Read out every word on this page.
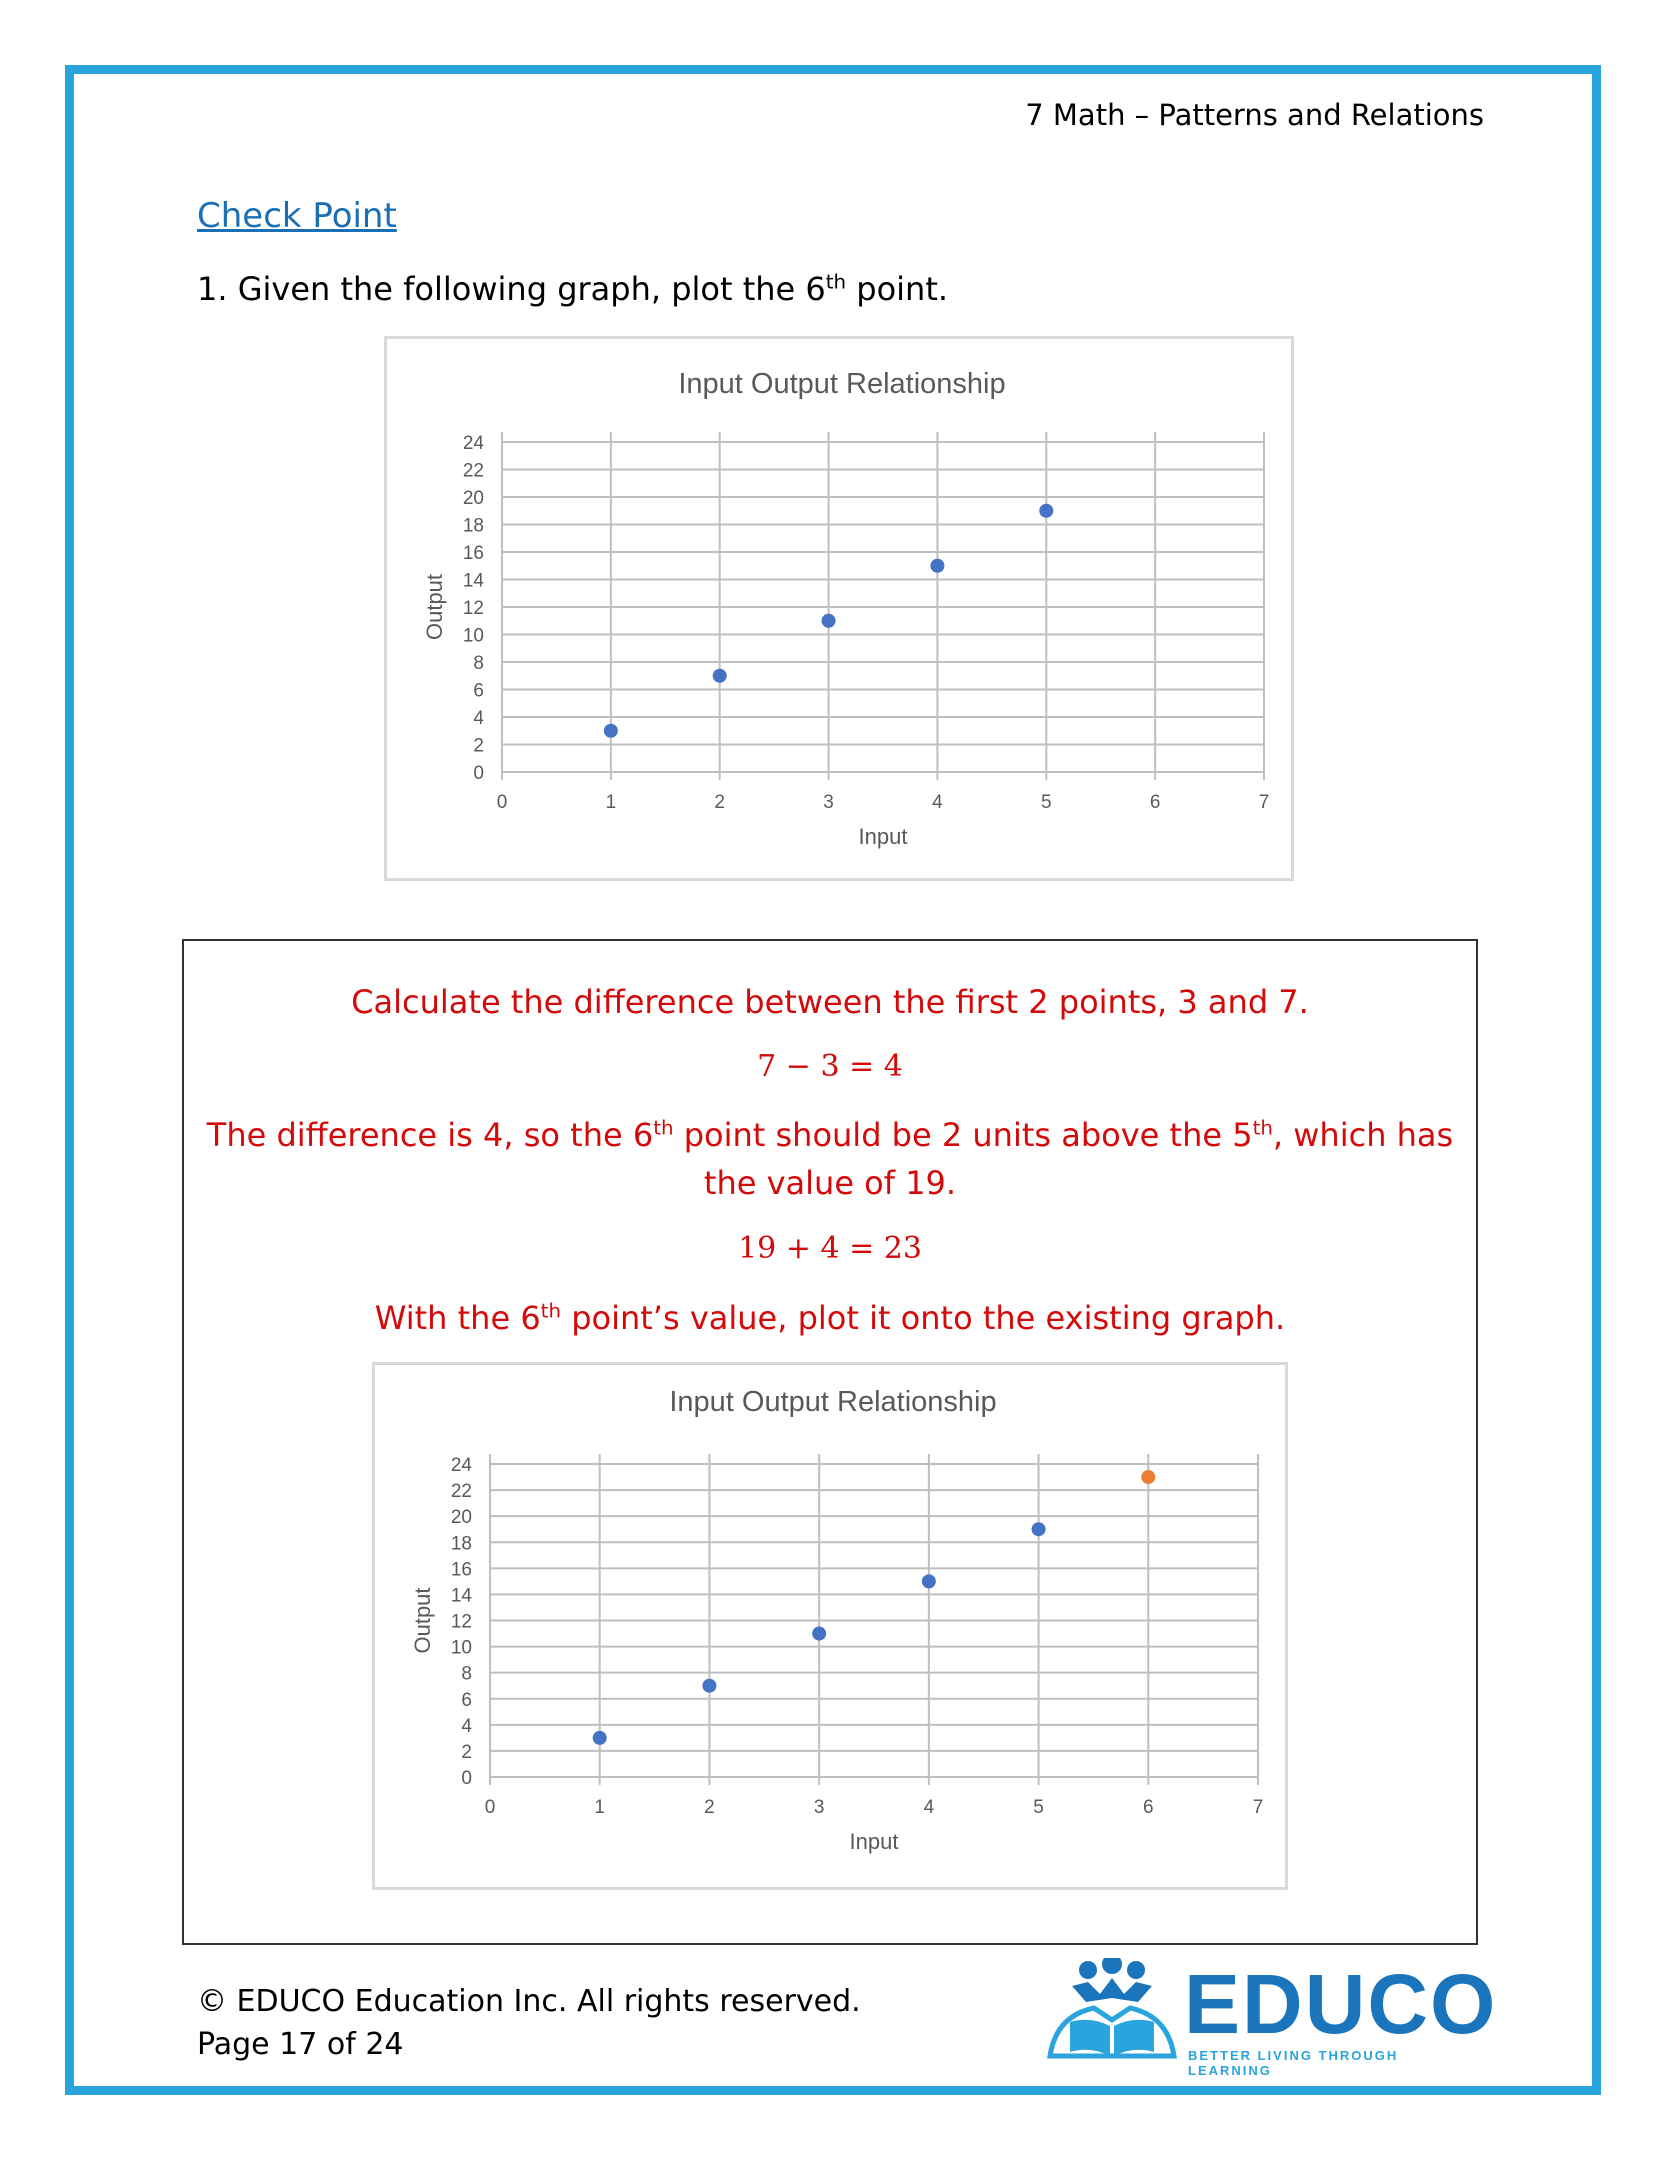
7 Math – Patterns and Relations
Check Point
1. Given the following graph, plot the 6th point.
Input Output Relationship
0
2
4
6
8
10
12
14
16
18
20
22
24
0	1	2	3	4	5	6	7
Input
Output
Calculate the difference between the first 2 points, 3 and 7.
7 − 3 = 4
The difference is 4, so the 6th point should be 2 units above the 5th, which has
the value of 19.
19 + 4 = 23
With the 6th point’s value, plot it onto the existing graph.
Input Output Relationship
0
2
4
6
8
10
12
14
16
18
20
22
24
0	1	2	3	4	5	6	7
Input
Output
© EDUCO Education Inc. All rights reserved.
Page 17 of 24	EDUCO
BETTER LIVING THROUGH LEARNING
